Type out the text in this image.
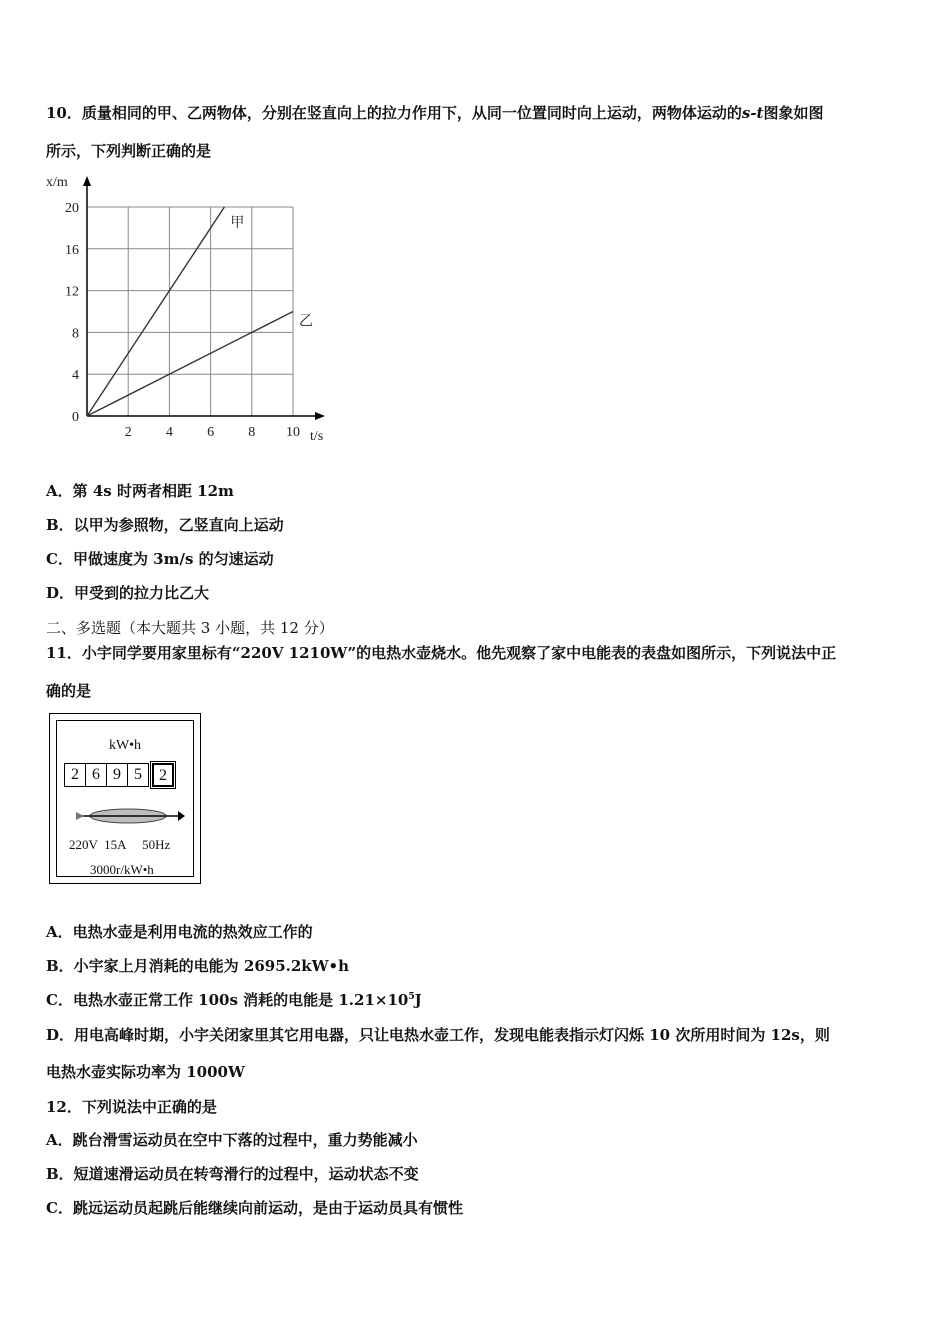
10．质量相同的甲、乙两物体，分别在竖直向上的拉力作用下，从同一位置同时向上运动，两物体运动的s-t图象如图
所示，下列判断正确的是
2 4 6 8 10
0
4
8
12
16
20
甲
乙
x/m
t/s
A．第 4s 时两者相距 12m
B．以甲为参照物，乙竖直向上运动
C．甲做速度为 3m/s 的匀速运动
D．甲受到的拉力比乙大
二、多选题（本大题共 3 小题，共 12 分）
11．小宇同学要用家里标有“220V 1210W”的电热水壶烧水。他先观察了家中电能表的表盘如图所示，下列说法中正
确的是
kW•h
2 6 9 5	2
220V  15A     50Hz
3000r/kW•h
A．电热水壶是利用电流的热效应工作的
B．小宇家上月消耗的电能为 2695.2kW•h
C．电热水壶正常工作 100s 消耗的电能是 $1.21\times 10^5J$
D．用电高峰时期，小宇关闭家里其它用电器，只让电热水壶工作，发现电能表指示灯闪烁 10 次所用时间为 12s，则
电热水壶实际功率为 1000W
12．下列说法中正确的是
A．跳台滑雪运动员在空中下落的过程中，重力势能减小
B．短道速滑运动员在转弯滑行的过程中，运动状态不变
C．跳远运动员起跳后能继续向前运动，是由于运动员具有惯性
